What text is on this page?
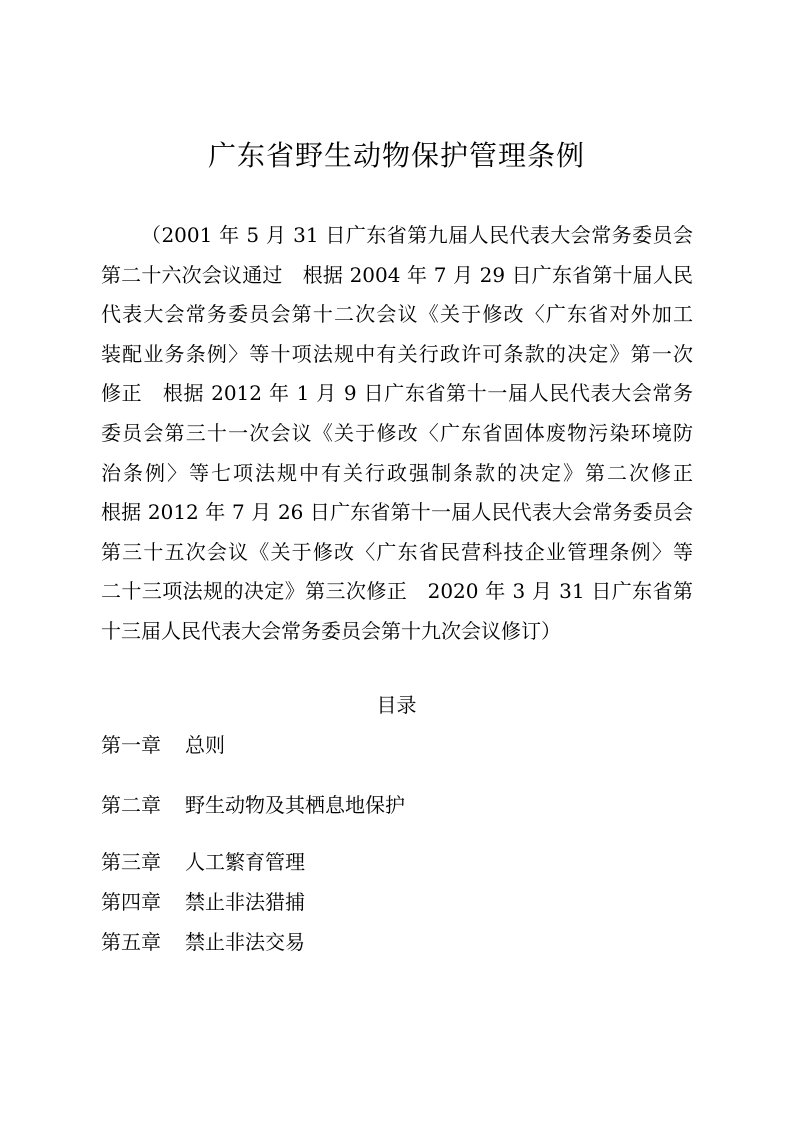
广东省野生动物保护管理条例

（2001 年 5 月 31 日广东省第九届人民代表大会常务委员会
第二十六次会议通过　根据 2004 年 7 月 29 日广东省第十届人民
代表大会常务委员会第十二次会议《关于修改〈广东省对外加工
装配业务条例〉等十项法规中有关行政许可条款的决定》第一次
修正　根据 2012 年 1 月 9 日广东省第十一届人民代表大会常务
委员会第三十一次会议《关于修改〈广东省固体废物污染环境防
治条例〉等七项法规中有关行政强制条款的决定》第二次修正
根据 2012 年 7 月 26 日广东省第十一届人民代表大会常务委员会
第三十五次会议《关于修改〈广东省民营科技企业管理条例〉等
二十三项法规的决定》第三次修正　2020 年 3 月 31 日广东省第
十三届人民代表大会常务委员会第十九次会议修订）

目录
第一章 总则
第二章 野生动物及其栖息地保护
第三章 人工繁育管理
第四章 禁止非法猎捕
第五章 禁止非法交易
